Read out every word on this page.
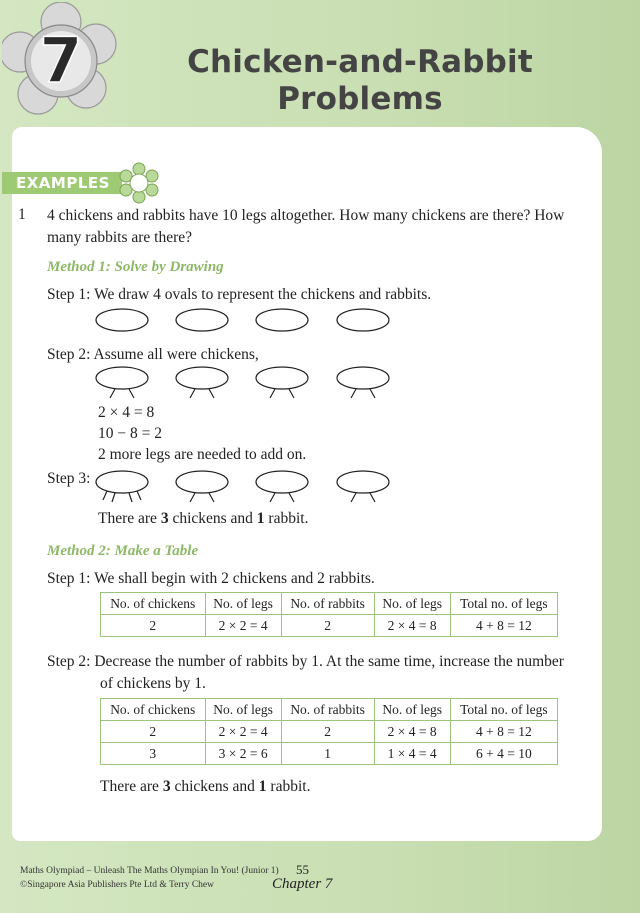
7	Chicken-and-Rabbit
Problems
EXAMPLES
1 4 chickens and rabbits have 10 legs altogether. How many chickens are there? How
many rabbits are there?
Method 1: Solve by Drawing
Step 1: We draw 4 ovals to represent the chickens and rabbits.
Step 2: Assume all were chickens,
2 × 4 = 8
10 − 8 = 2
2 more legs are needed to add on.
Step 3:
There are 3 chickens and 1 rabbit.
Method 2: Make a Table
Step 1: We shall begin with 2 chickens and 2 rabbits.
No. of chickens	No. of legs	No. of rabbits	No. of legs	Total no. of legs
2	2 × 2 = 4	2	2 × 4 = 8	4 + 8 = 12
Step 2: Decrease the number of rabbits by 1. At the same time, increase the number
of chickens by 1.
No. of chickens	No. of legs	No. of rabbits	No. of legs	Total no. of legs
2	2 × 2 = 4	2	2 × 4 = 8	4 + 8 = 12
3	3 × 2 = 6	1	1 × 4 = 4	6 + 4 = 10
There are 3 chickens and 1 rabbit.
Maths Olympiad – Unleash The Maths Olympian In You! (Junior 1)
©Singapore Asia Publishers Pte Ltd & Terry Chew
55
Chapter 7
